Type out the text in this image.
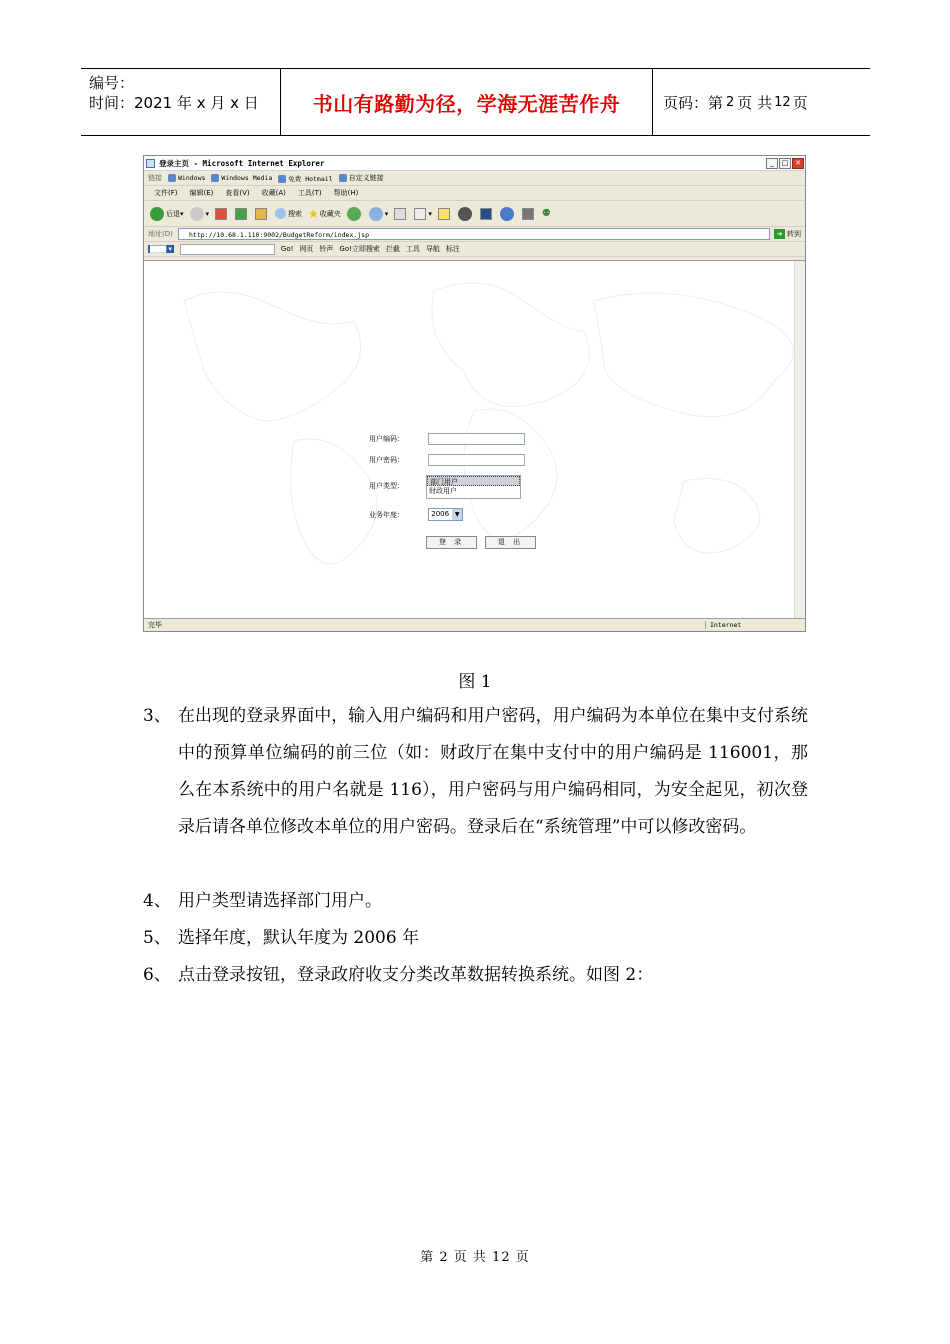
编号：
时间：2021 年 x 月 x 日	书山有路勤为径，学海无涯苦作舟	页码：第 2 页 共 12 页
登录主页 - Microsoft Internet Explorer	_	□ ✕
链接	Windows	Windows Media	免费 Hotmail	自定义链接
文件(F) 编辑(E) 查看(V) 收藏(A) 工具(T) 帮助(H)
后退 ▾	▾	搜索 ★ 收藏夹	▾	▾	⚉
地址(D)	http://10.68.1.110:9002/BudgetReform/index.jsp	➔ 转到
▇▇▇ ▾	Go! 网页 铃声 Go!立即搜索 拦截 工具 导航 标注
用户编码：
用户密码：
用户类型：	部门用户
财政用户
业务年度：	2006 ▼
登 录	退 出
完毕	Internet
图 1
3、 在出现的登录界面中，输入用户编码和用户密码，用户编码为本单位在集中支付系统中的预算单位编码的前三位（如：财政厅在集中支付中的用户编码是 116001，那么在本系统中的用户名就是 116），用户密码与用户编码相同，为安全起见，初次登录后请各单位修改本单位的用户密码。登录后在“系统管理”中可以修改密码。
4、 用户类型请选择部门用户。
5、 选择年度，默认年度为 2006 年
6、 点击登录按钮，登录政府收支分类改革数据转换系统。如图 2：
第 2 页 共 12 页
